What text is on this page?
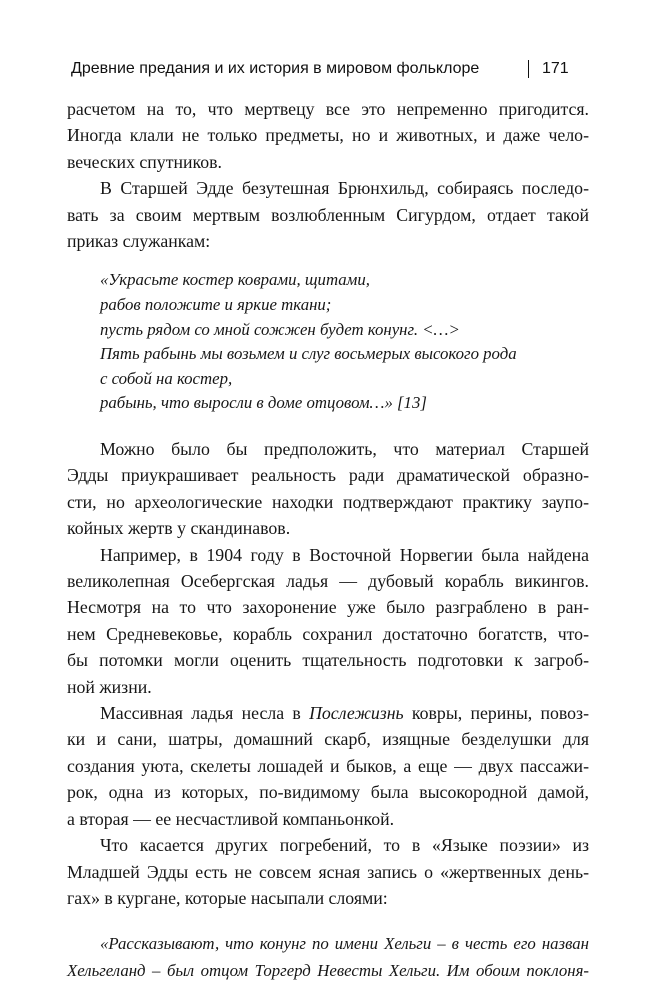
Древние предания и их история в мировом фольклоре	171

расчетом на то, что мертвецу все это непременно пригодится.
Иногда клали не только предметы, но и животных, и даже чело-
веческих спутников.

В Старшей Эдде безутешная Брюнхильд, собираясь последо-
вать за своим мертвым возлюбленным Сигурдом, отдает такой
приказ служанкам:

«Украсьте костер коврами, щитами,
рабов положите и яркие ткани;
пусть рядом со мной сожжен будет конунг. <…>
Пять рабынь мы возьмем и слуг восьмерых высокого рода
с собой на костер,
рабынь, что выросли в доме отцовом…» [13]

Можно было бы предположить, что материал Старшей
Эдды приукрашивает реальность ради драматической образно-
сти, но археологические находки подтверждают практику заупо-
койных жертв у скандинавов.

Например, в 1904 году в Восточной Норвегии была найдена
великолепная Осебергская ладья — дубовый корабль викингов.
Несмотря на то что захоронение уже было разграблено в ран-
нем Средневековье, корабль сохранил достаточно богатств, что-
бы потомки могли оценить тщательность подготовки к загроб-
ной жизни.

Массивная ладья несла в Послежизнь ковры, перины, повоз-
ки и сани, шатры, домашний скарб, изящные безделушки для
создания уюта, скелеты лошадей и быков, а еще — двух пассажи-
рок, одна из которых, по-видимому была высокородной дамой,
а вторая — ее несчастливой компаньонкой.

Что касается других погребений, то в «Языке поэзии» из
Младшей Эдды есть не совсем ясная запись о «жертвенных день-
гах» в кургане, которые насыпали слоями:

«Рассказывают, что конунг по имени Хельги – в честь его назван
Хельгеланд – был отцом Торгерд Невесты Хельги. Им обоим поклоня-
